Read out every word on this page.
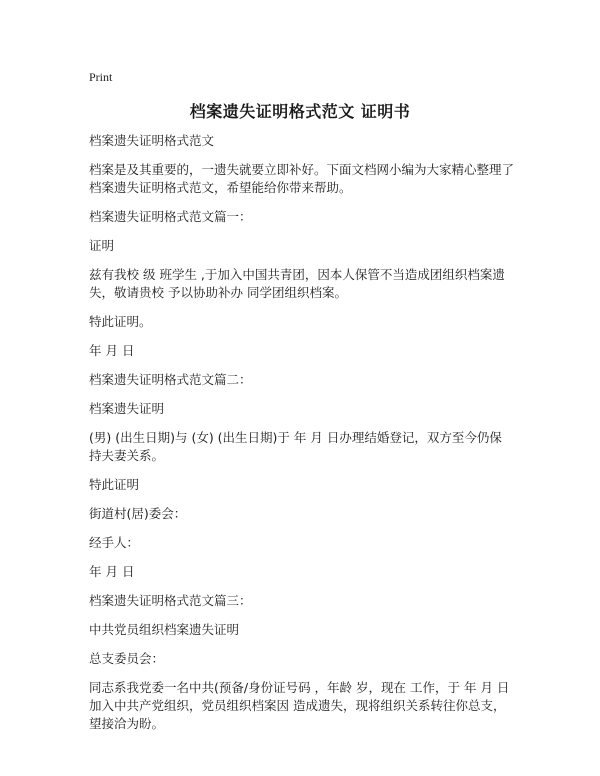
Print
档案遗失证明格式范文 证明书

档案遗失证明格式范文

档案是及其重要的，一遗失就要立即补好。下面文档网小编为大家精心整理了档案遗失证明格式范文，希望能给你带来帮助。

档案遗失证明格式范文篇一：

证明

兹有我校 级 班学生 ,于加入中国共青团，因本人保管不当造成团组织档案遗失，敬请贵校 予以协助补办 同学团组织档案。

特此证明。

年 月 日

档案遗失证明格式范文篇二：

档案遗失证明

(男) (出生日期)与 (女) (出生日期)于 年 月 日办理结婚登记，双方至今仍保持夫妻关系。

特此证明

街道村(居)委会：

经手人：

年 月 日

档案遗失证明格式范文篇三：

中共党员组织档案遗失证明

总支委员会：

同志系我党委一名中共(预备/身份证号码 ，年龄 岁，现在 工作，于 年 月 日加入中共产党组织，党员组织档案因 造成遗失，现将组织关系转往你总支，望接洽为盼。
